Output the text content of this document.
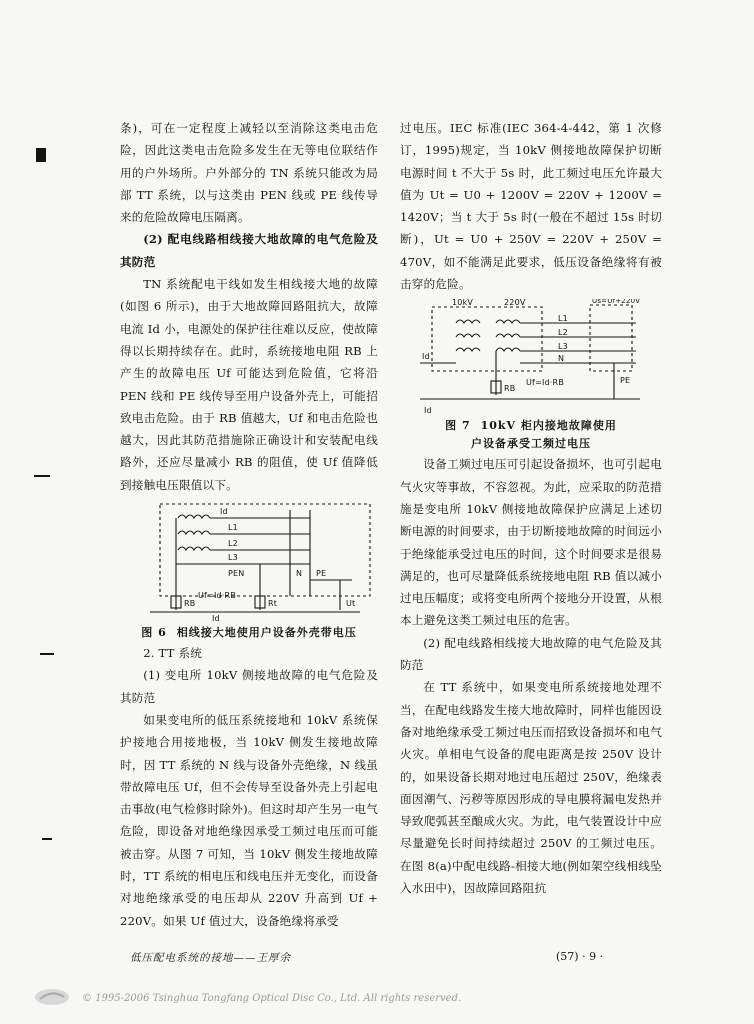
条)，可在一定程度上减轻以至消除这类电击危险，因此这类电击危险多发生在无等电位联结作用的户外场所。户外部分的 TN 系统只能改为局部 TT 系统，以与这类由 PEN 线或 PE 线传导来的危险故障电压隔离。

(2) 配电线路相线接大地故障的电气危险及其防范

TN 系统配电干线如发生相线接大地的故障(如图 6 所示)，由于大地故障回路阻抗大，故障电流 Id 小，电源处的保护往往难以反应，使故障得以长期持续存在。此时，系统接地电阻 RB 上产生的故障电压 Uf 可能达到危险值，它将沿 PEN 线和 PE 线传导至用户设备外壳上，可能招致电击危险。由于 RB 值越大，Uf 和电击危险也越大，因此其防范措施除正确设计和安装配电线路外，还应尽量减小 RB 的阻值，使 Uf 值降低到接触电压限值以下。

Id
L1
L2
L3
PEN	N PE
RB
Uf=Id·RB
Id
Rt	Ut
图 6 相线接大地使用户设备外壳带电压

2. TT 系统

(1) 变电所 10kV 侧接地故障的电气危险及其防范

如果变电所的低压系统接地和 10kV 系统保护接地合用接地极，当 10kV 侧发生接地故障时，因 TT 系统的 N 线与设备外壳绝缘，N 线虽带故障电压 Uf，但不会传导至设备外壳上引起电击事故(电气检修时除外)。但这时却产生另一电气危险，即设备对地绝缘因承受工频过电压而可能被击穿。从图 7 可知，当 10kV 侧发生接地故障时，TT 系统的相电压和线电压并无变化，而设备对地绝缘承受的电压却从 220V 升高到 Uf + 220V。如果 Uf 值过大，设备绝缘将承受

过电压。IEC 标准(IEC 364-4-442，第 1 次修订，1995)规定，当 10kV 侧接地故障保护切断电源时间 t 不大于 5s 时，此工频过电压允许最大值为 Ut = U0 + 1200V = 220V + 1200V = 1420V；当 t 大于 5s 时(一般在不超过 15s 时切断)，Ut = U0 + 250V = 220V + 250V = 470V，如不能满足此要求，低压设备绝缘将有被击穿的危险。

10kV	220V
L1
L2
L3
N
Id
RB
Uf=Id·RB
Id
Us=Uf+220V
PE
图 7 10kV 柜内接地故障使用
户设备承受工频过电压

设备工频过电压可引起设备损坏，也可引起电气火灾等事故，不容忽视。为此，应采取的防范措施是变电所 10kV 侧接地故障保护应满足上述切断电源的时间要求，由于切断接地故障的时间远小于绝缘能承受过电压的时间，这个时间要求是很易满足的，也可尽量降低系统接地电阻 RB 值以减小过电压幅度；或将变电所两个接地分开设置，从根本上避免这类工频过电压的危害。

(2) 配电线路相线接大地故障的电气危险及其防范

在 TT 系统中，如果变电所系统接地处理不当，在配电线路发生接大地故障时，同样也能因设备对地绝缘承受工频过电压而招致设备损坏和电气火灾。单相电气设备的爬电距离是按 250V 设计的，如果设备长期对地过电压超过 250V，绝缘表面因潮气、污秽等原因形成的导电膜将漏电发热并导致爬弧甚至酿成火灾。为此，电气装置设计中应尽量避免长时间持续超过 250V 的工频过电压。在图 8(a)中配电线路-相接大地(例如架空线相线坠入水田中)，因故障回路阻抗

低压配电系统的接地——王厚余	(57) · 9 ·
© 1995-2006 Tsinghua Tongfang Optical Disc Co., Ltd. All rights reserved.
